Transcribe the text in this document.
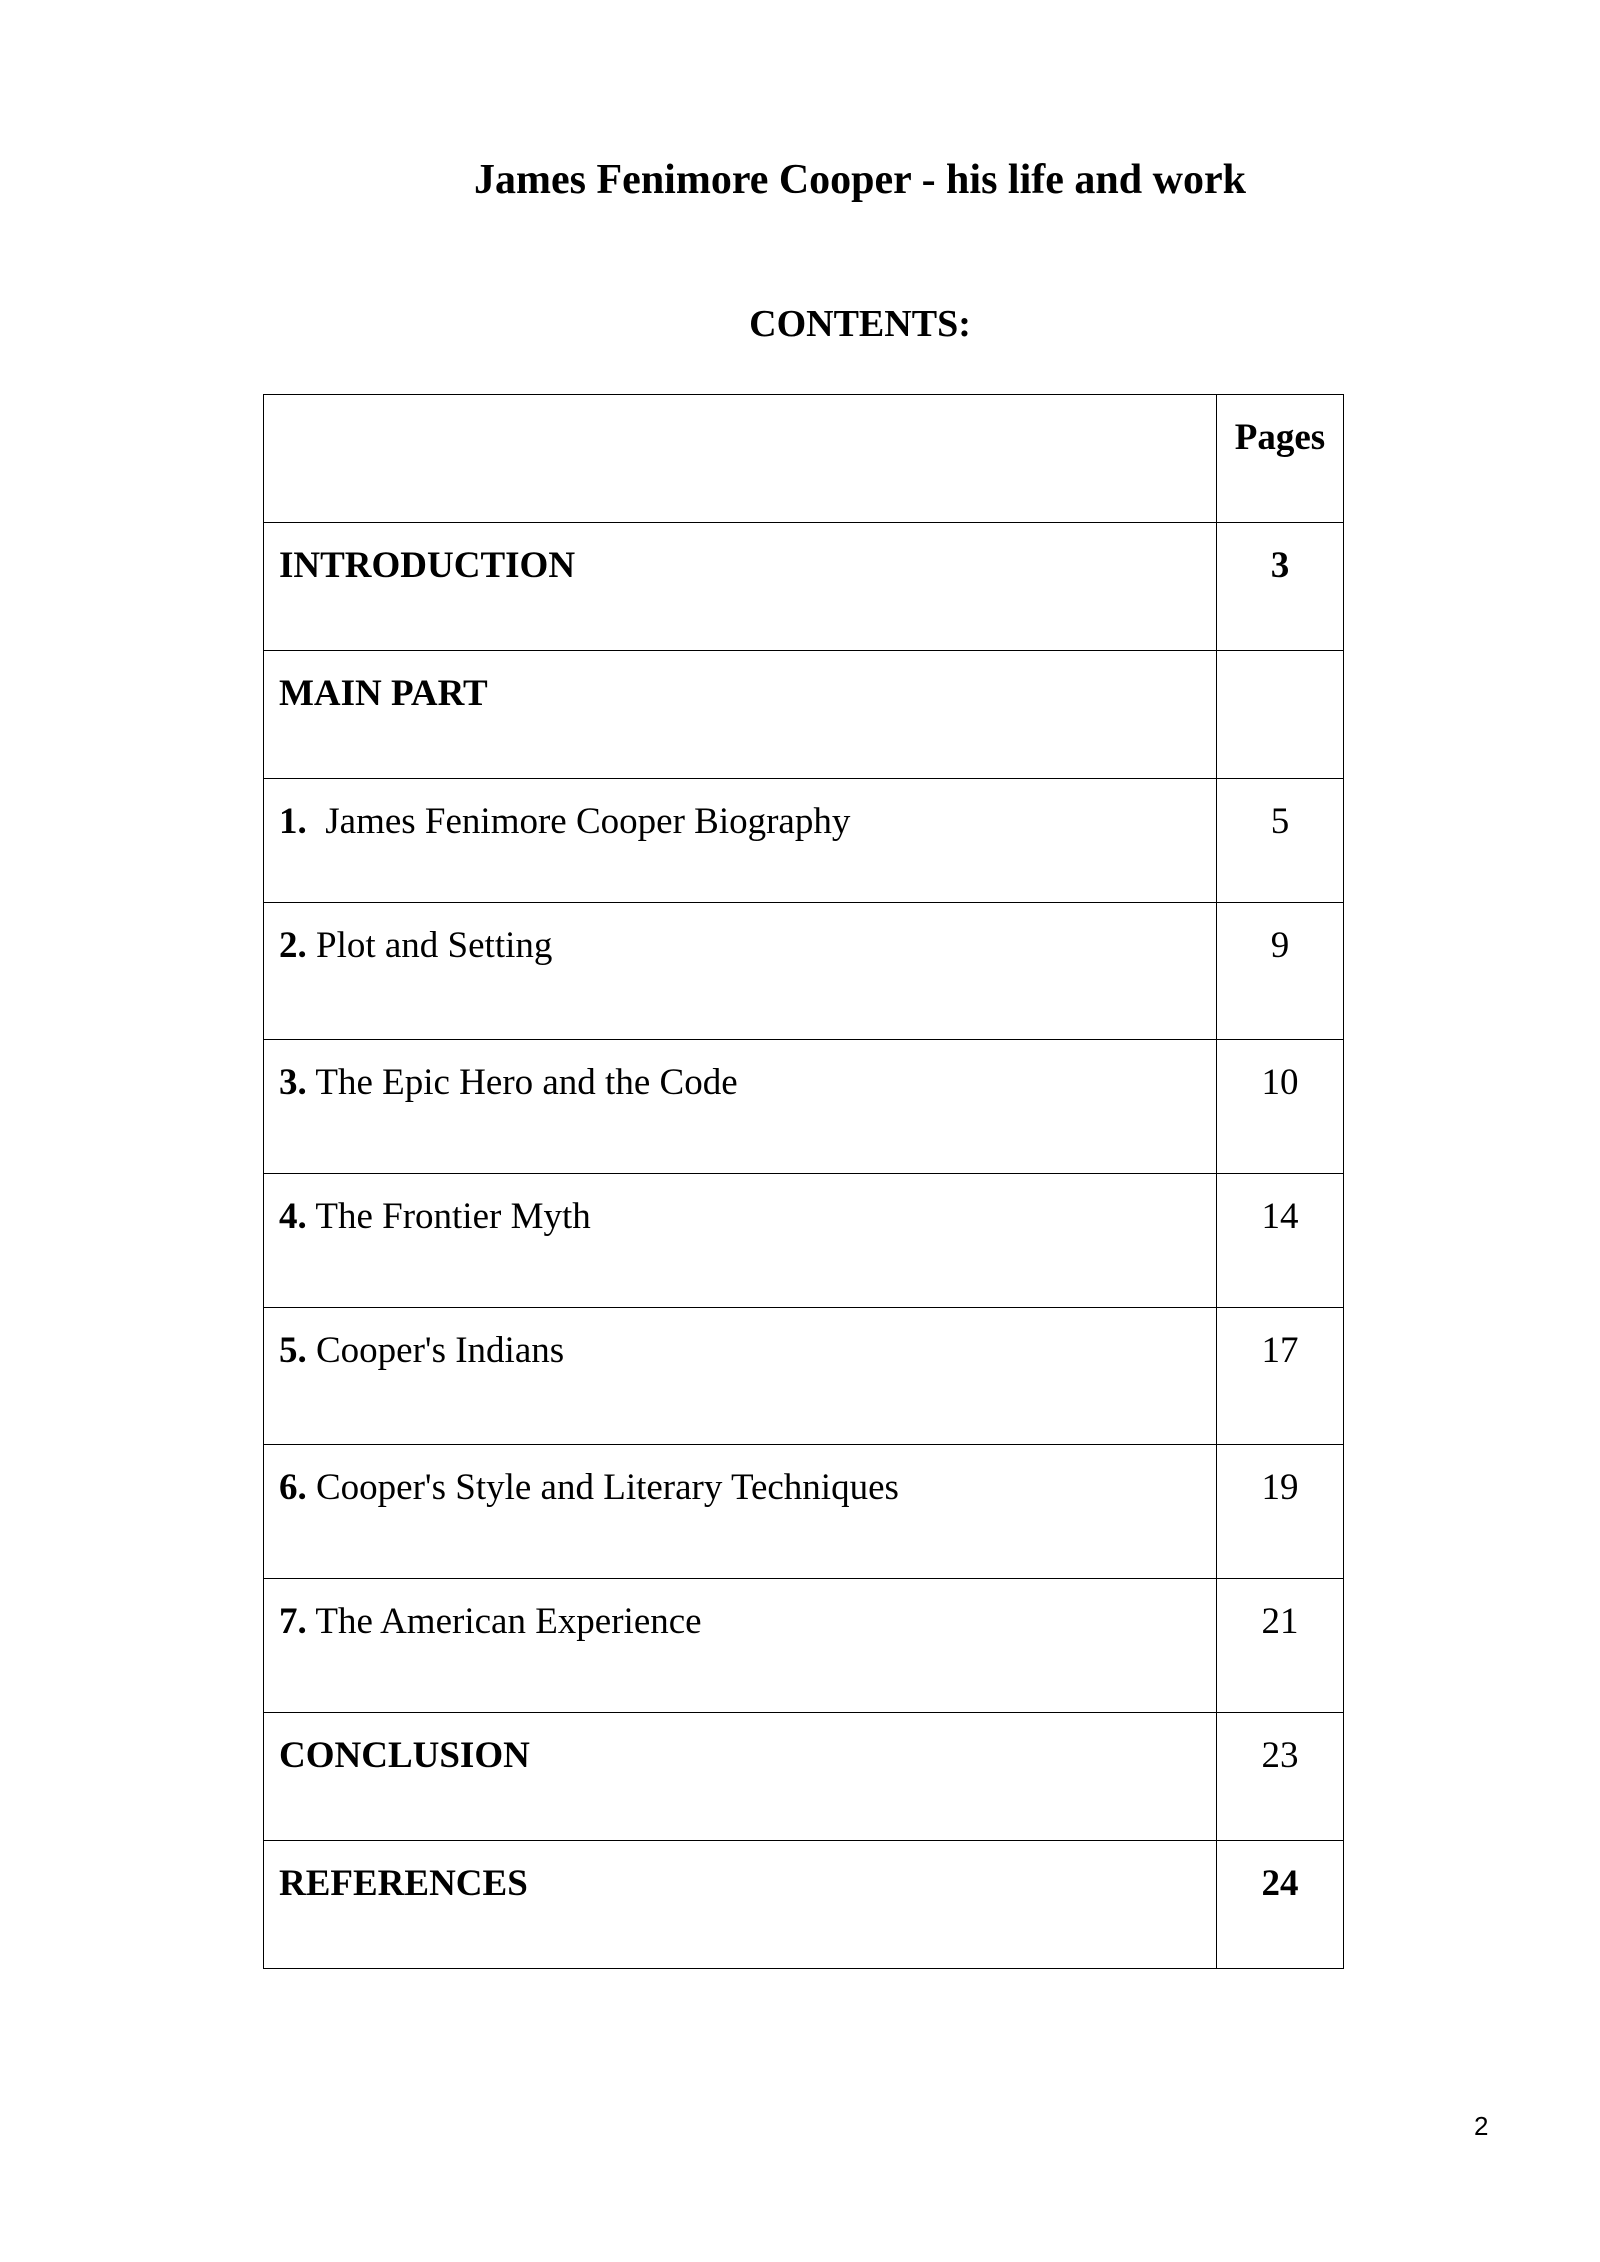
James Fenimore Cooper - his life and work
CONTENTS:
	Pages
INTRODUCTION	3
MAIN PART	
1. James Fenimore Cooper Biography	5
2. Plot and Setting	9
3. The Epic Hero and the Code	10
4. The Frontier Myth	14
5. Cooper's Indians	17
6. Cooper's Style and Literary Techniques	19
7. The American Experience	21
CONCLUSION	23
REFERENCES	24
2
